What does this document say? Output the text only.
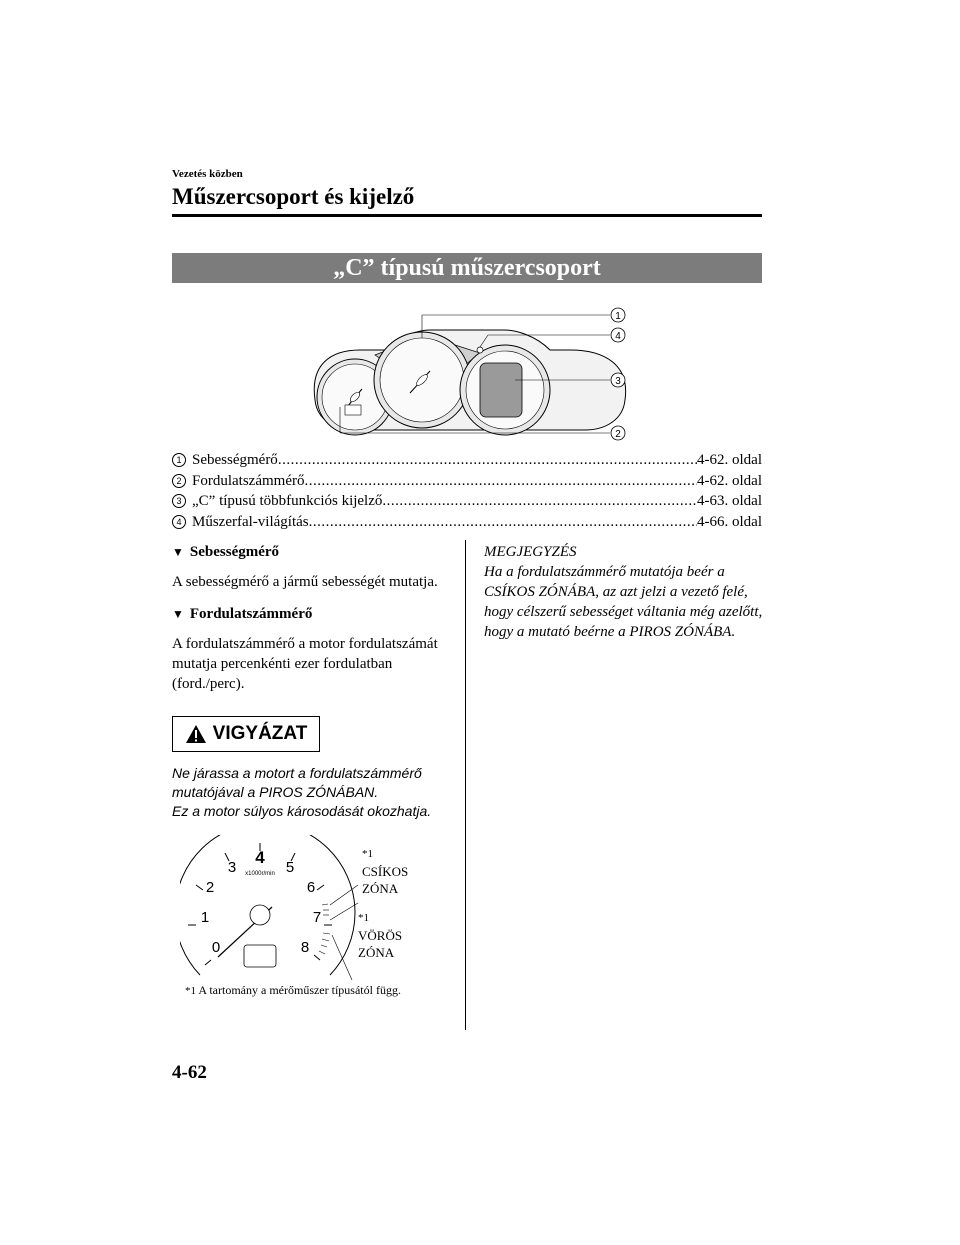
Vezetés közben
Műszercsoport és kijelző
„C” típusú műszercsoport
1
4
3
2
1 Sebességmérő .....	4-62. oldal
2 Fordulatszámmérő .....	4-62. oldal
3 „C” típusú többfunkciós kijelző .....	4-63. oldal
4 Műszerfal-világítás .....	4-66. oldal
▼ Sebességmérő

A sebességmérő a jármű sebességét mutatja.

▼ Fordulatszámmérő

A fordulatszámmérő a motor fordulatszámát mutatja percenkénti ezer fordulatban (ford./perc).

VIGYÁZAT
Ne járassa a motort a fordulatszámmérő mutatójával a PIROS ZÓNÁBAN.
Ez a motor súlyos károsodását okozhatja.
0
1
2
3
4
5
6
7
8
x1000r/min
*1
CSÍKOS
ZÓNA
*1
VÖRÖS
ZÓNA
*1 A tartomány a mérőműszer típusától függ.
MEGJEGYZÉS
Ha a fordulatszámmérő mutatója beér a CSÍKOS ZÓNÁBA, az azt jelzi a vezető felé, hogy célszerű sebességet váltania még azelőtt, hogy a mutató beérne a PIROS ZÓNÁBA.
4-62
